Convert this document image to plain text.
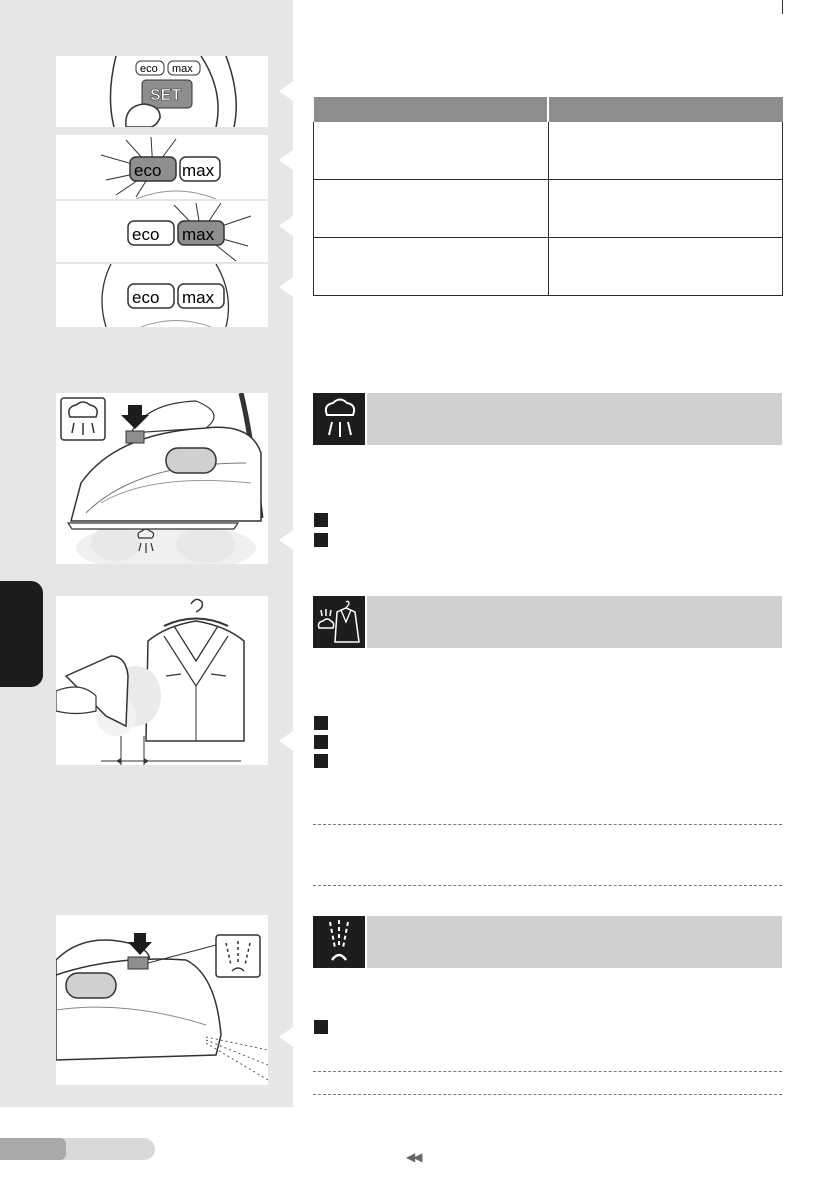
eco max
SET
eco max
eco max
eco max

◀◀
